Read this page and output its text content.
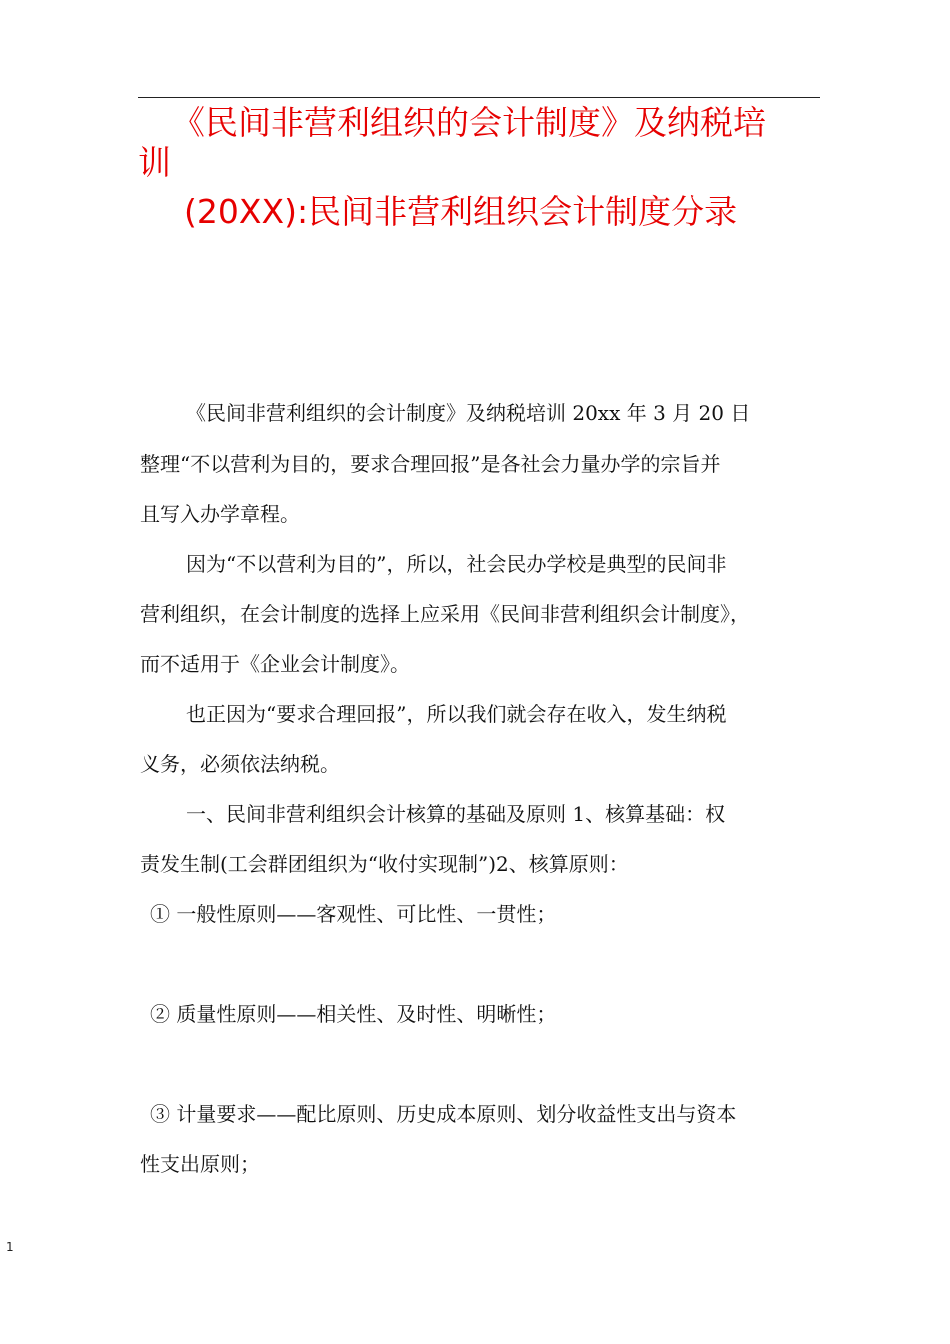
《民间非营利组织的会计制度》及纳税培
训
(20XX):民间非营利组织会计制度分录
《民间非营利组织的会计制度》及纳税培训 20xx 年 3 月 20 日
整理“不以营利为目的，要求合理回报”是各社会力量办学的宗旨并
且写入办学章程。
因为“不以营利为目的”，所以，社会民办学校是典型的民间非
营利组织，在会计制度的选择上应采用《民间非营利组织会计制度》，
而不适用于《企业会计制度》。
也正因为“要求合理回报”，所以我们就会存在收入，发生纳税
义务，必须依法纳税。
一、民间非营利组织会计核算的基础及原则 1、核算基础：权
责发生制(工会群团组织为“收付实现制”)2、核算原则：
① 一般性原则——客观性、可比性、一贯性；
② 质量性原则——相关性、及时性、明晰性；
③ 计量要求——配比原则、历史成本原则、划分收益性支出与资本
性支出原则；
1
